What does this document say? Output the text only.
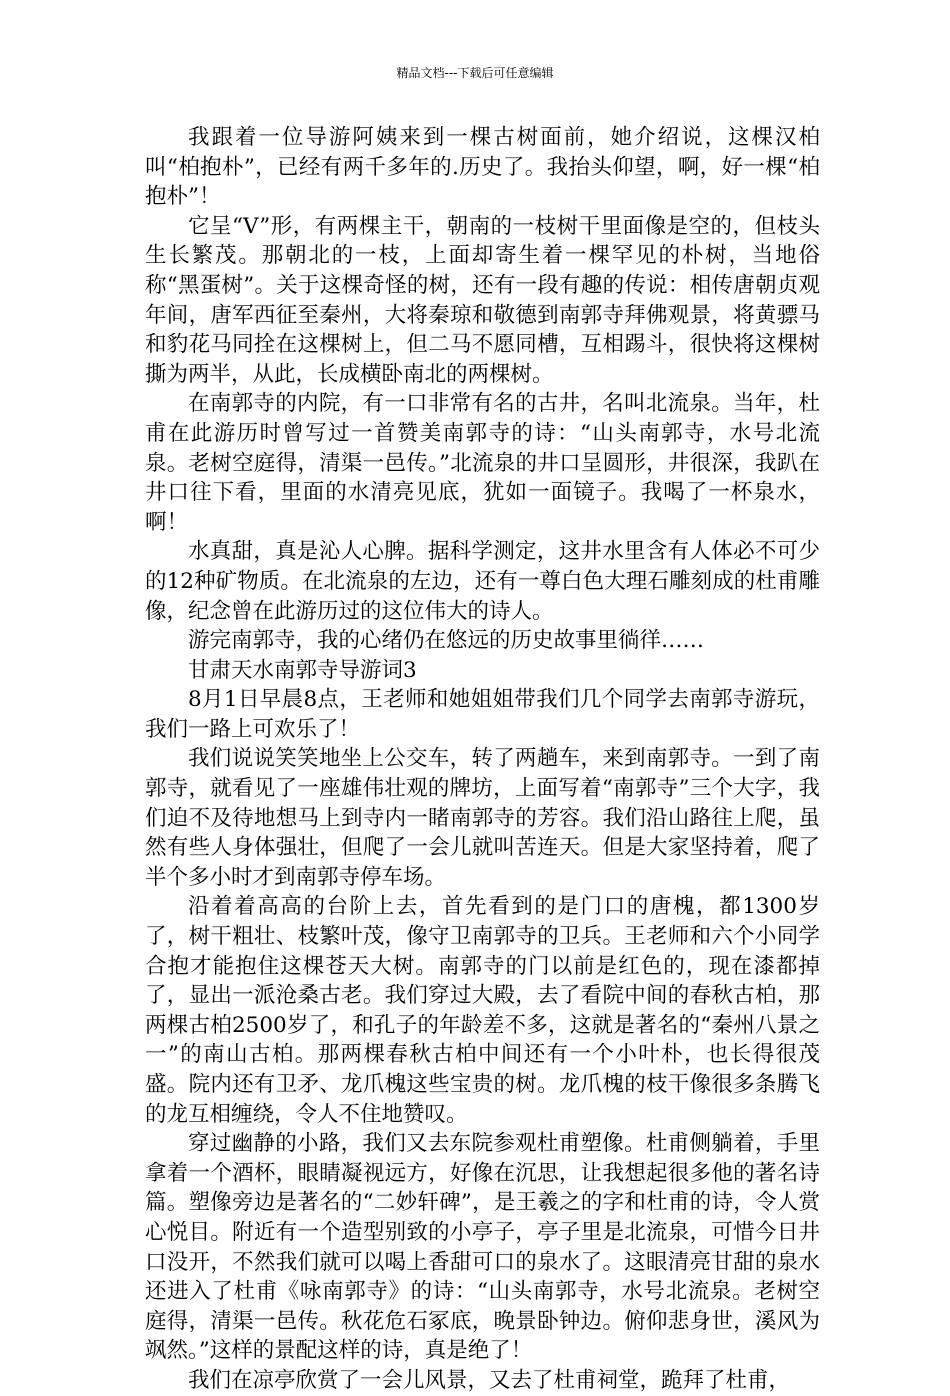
精品文档---下载后可任意编辑

我跟着一位导游阿姨来到一棵古树面前，她介绍说，这棵汉柏叫“柏抱朴”，已经有两千多年的.历史了。我抬头仰望，啊，好一棵“柏抱朴”！

它呈“V”形，有两棵主干，朝南的一枝树干里面像是空的，但枝头生长繁茂。那朝北的一枝，上面却寄生着一棵罕见的朴树，当地俗称“黑蛋树”。关于这棵奇怪的树，还有一段有趣的传说：相传唐朝贞观年间，唐军西征至秦州，大将秦琼和敬德到南郭寺拜佛观景，将黄骠马和豹花马同拴在这棵树上，但二马不愿同槽，互相踢斗，很快将这棵树撕为两半，从此，长成横卧南北的两棵树。

在南郭寺的内院，有一口非常有名的古井，名叫北流泉。当年，杜甫在此游历时曾写过一首赞美南郭寺的诗：“山头南郭寺，水号北流泉。老树空庭得，清渠一邑传。”北流泉的井口呈圆形，井很深，我趴在井口往下看，里面的水清亮见底，犹如一面镜子。我喝了一杯泉水，啊！

水真甜，真是沁人心脾。据科学测定，这井水里含有人体必不可少的12种矿物质。在北流泉的左边，还有一尊白色大理石雕刻成的杜甫雕像，纪念曾在此游历过的这位伟大的诗人。

游完南郭寺，我的心绪仍在悠远的历史故事里徜徉……

甘肃天水南郭寺导游词3

8月1日早晨8点，王老师和她姐姐带我们几个同学去南郭寺游玩，我们一路上可欢乐了！

我们说说笑笑地坐上公交车，转了两趟车，来到南郭寺。一到了南郭寺，就看见了一座雄伟壮观的牌坊，上面写着“南郭寺”三个大字，我们迫不及待地想马上到寺内一睹南郭寺的芳容。我们沿山路往上爬，虽然有些人身体强壮，但爬了一会儿就叫苦连天。但是大家坚持着，爬了半个多小时才到南郭寺停车场。

沿着着高高的台阶上去，首先看到的是门口的唐槐，都1300岁了，树干粗壮、枝繁叶茂，像守卫南郭寺的卫兵。王老师和六个小同学合抱才能抱住这棵苍天大树。南郭寺的门以前是红色的，现在漆都掉了，显出一派沧桑古老。我们穿过大殿，去了看院中间的春秋古柏，那两棵古柏2500岁了，和孔子的年龄差不多，这就是著名的“秦州八景之一”的南山古柏。那两棵春秋古柏中间还有一个小叶朴，也长得很茂盛。院内还有卫矛、龙爪槐这些宝贵的树。龙爪槐的枝干像很多条腾飞的龙互相缠绕，令人不住地赞叹。

穿过幽静的小路，我们又去东院参观杜甫塑像。杜甫侧躺着，手里拿着一个酒杯，眼睛凝视远方，好像在沉思，让我想起很多他的著名诗篇。塑像旁边是著名的“二妙轩碑”，是王羲之的字和杜甫的诗，令人赏心悦目。附近有一个造型别致的小亭子，亭子里是北流泉，可惜今日井口没开，不然我们就可以喝上香甜可口的泉水了。这眼清亮甘甜的泉水还进入了杜甫《咏南郭寺》的诗：“山头南郭寺，水号北流泉。老树空庭得，清渠一邑传。秋花危石冢底，晚景卧钟边。俯仰悲身世，溪风为飒然。”这样的景配这样的诗，真是绝了！

我们在凉亭欣赏了一会儿风景，又去了杜甫祠堂，跪拜了杜甫，
